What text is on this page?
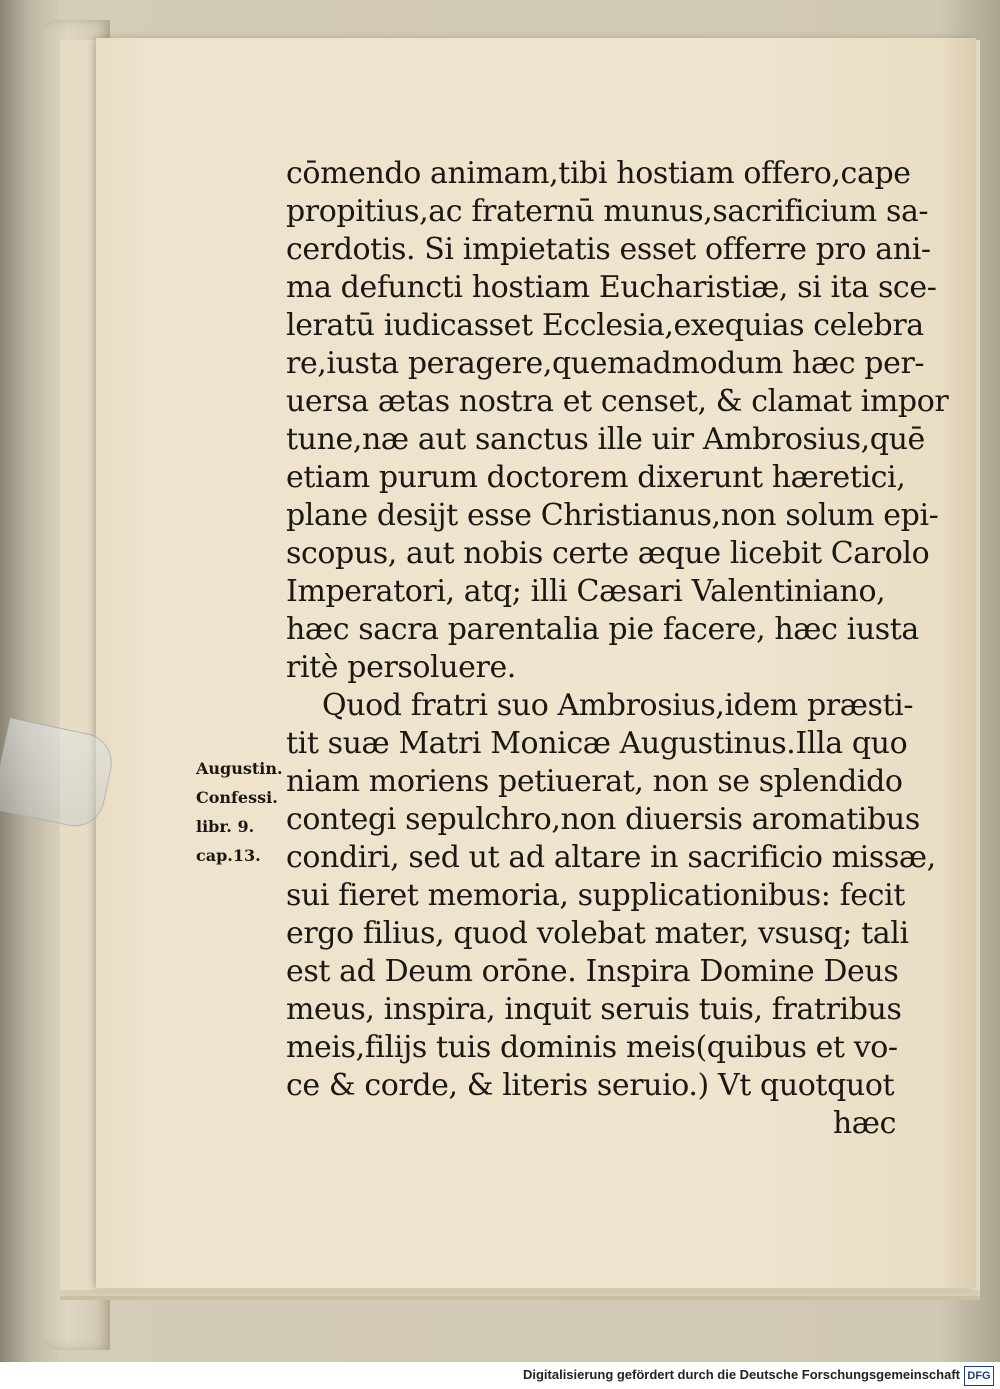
Augustin.
Confessi.
libr. 9.
cap.13.
cōmendo animam,tibi hostiam offero,cape
propitius,ac fraternū munus,sacrificium sa-
cerdotis. Si impietatis esset offerre pro ani-
ma defuncti hostiam Eucharistiæ, si ita sce-
leratū iudicasset Ecclesia,exequias celebra
re,iusta peragere,quemadmodum hæc per-
uersa ætas nostra et censet, & clamat impor
tune,næ aut sanctus ille uir Ambrosius,quē
etiam purum doctorem dixerunt hæretici,
plane desijt esse Christianus,non solum epi-
scopus, aut nobis certe æque licebit Carolo
Imperatori, atq; illi Cæsari Valentiniano,
hæc sacra parentalia pie facere, hæc iusta
ritè persoluere.
Quod fratri suo Ambrosius,idem præsti-
tit suæ Matri Monicæ Augustinus.Illa quo
niam moriens petiuerat, non se splendido
contegi sepulchro,non diuersis aromatibus
condiri, sed ut ad altare in sacrificio missæ,
sui fieret memoria, supplicationibus: fecit
ergo filius, quod volebat mater, vsusq; tali
est ad Deum orōne. Inspira Domine Deus
meus, inspira, inquit seruis tuis, fratribus
meis,filijs tuis dominis meis(quibus et vo-
ce & corde, & literis seruio.) Vt quotquot
hæc
Digitalisierung gefördert durch die Deutsche Forschungsgemeinschaft DFG
